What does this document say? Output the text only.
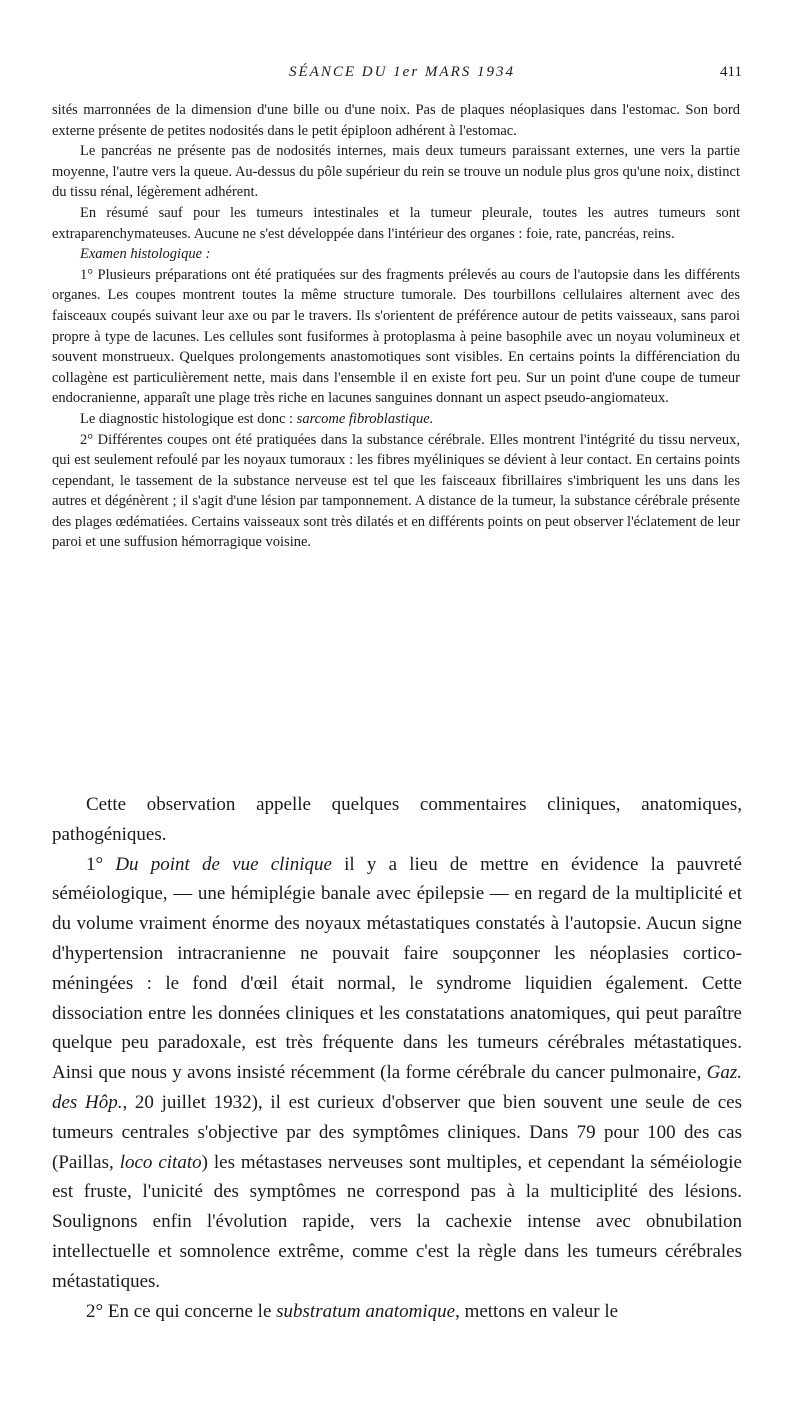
SÉANCE DU 1er MARS 1934	411

sités marronnées de la dimension d'une bille ou d'une noix. Pas de plaques néoplasiques dans l'estomac. Son bord externe présente de petites nodosités dans le petit épiploon adhérent à l'estomac.

Le pancréas ne présente pas de nodosités internes, mais deux tumeurs paraissant externes, une vers la partie moyenne, l'autre vers la queue. Au-dessus du pôle supérieur du rein se trouve un nodule plus gros qu'une noix, distinct du tissu rénal, légèrement adhérent.

En résumé sauf pour les tumeurs intestinales et la tumeur pleurale, toutes les autres tumeurs sont extraparenchymateuses. Aucune ne s'est développée dans l'intérieur des organes : foie, rate, pancréas, reins.

Examen histologique :

1° Plusieurs préparations ont été pratiquées sur des fragments prélevés au cours de l'autopsie dans les différents organes. Les coupes montrent toutes la même structure tumorale. Des tourbillons cellulaires alternent avec des faisceaux coupés suivant leur axe ou par le travers. Ils s'orientent de préférence autour de petits vaisseaux, sans paroi propre à type de lacunes. Les cellules sont fusiformes à protoplasma à peine basophile avec un noyau volumineux et souvent monstrueux. Quelques prolongements anastomotiques sont visibles. En certains points la différenciation du collagène est particulièrement nette, mais dans l'ensemble il en existe fort peu. Sur un point d'une coupe de tumeur endocranienne, apparaît une plage très riche en lacunes sanguines donnant un aspect pseudo-angiomateux.

Le diagnostic histologique est donc : sarcome fibroblastique.

2° Différentes coupes ont été pratiquées dans la substance cérébrale. Elles montrent l'intégrité du tissu nerveux, qui est seulement refoulé par les noyaux tumoraux : les fibres myéliniques se dévient à leur contact. En certains points cependant, le tassement de la substance nerveuse est tel que les faisceaux fibrillaires s'imbriquent les uns dans les autres et dégénèrent ; il s'agit d'une lésion par tamponnement. A distance de la tumeur, la substance cérébrale présente des plages œdématiées. Certains vaisseaux sont très dilatés et en différents points on peut observer l'éclatement de leur paroi et une suffusion hémorragique voisine.

Cette observation appelle quelques commentaires cliniques, anatomiques, pathogéniques.

1° Du point de vue clinique il y a lieu de mettre en évidence la pauvreté séméiologique, — une hémiplégie banale avec épilepsie — en regard de la multiplicité et du volume vraiment énorme des noyaux métastatiques constatés à l'autopsie. Aucun signe d'hypertension intracranienne ne pouvait faire soupçonner les néoplasies cortico-méningées : le fond d'œil était normal, le syndrome liquidien également. Cette dissociation entre les données cliniques et les constatations anatomiques, qui peut paraître quelque peu paradoxale, est très fréquente dans les tumeurs cérébrales métastatiques. Ainsi que nous y avons insisté récemment (la forme cérébrale du cancer pulmonaire, Gaz. des Hôp., 20 juillet 1932), il est curieux d'observer que bien souvent une seule de ces tumeurs centrales s'objective par des symptômes cliniques. Dans 79 pour 100 des cas (Paillas, loco citato) les métastases nerveuses sont multiples, et cependant la séméiologie est fruste, l'unicité des symptômes ne correspond pas à la multiciplité des lésions. Soulignons enfin l'évolution rapide, vers la cachexie intense avec obnubilation intellectuelle et somnolence extrême, comme c'est la règle dans les tumeurs cérébrales métastatiques.

2° En ce qui concerne le substratum anatomique, mettons en valeur le
